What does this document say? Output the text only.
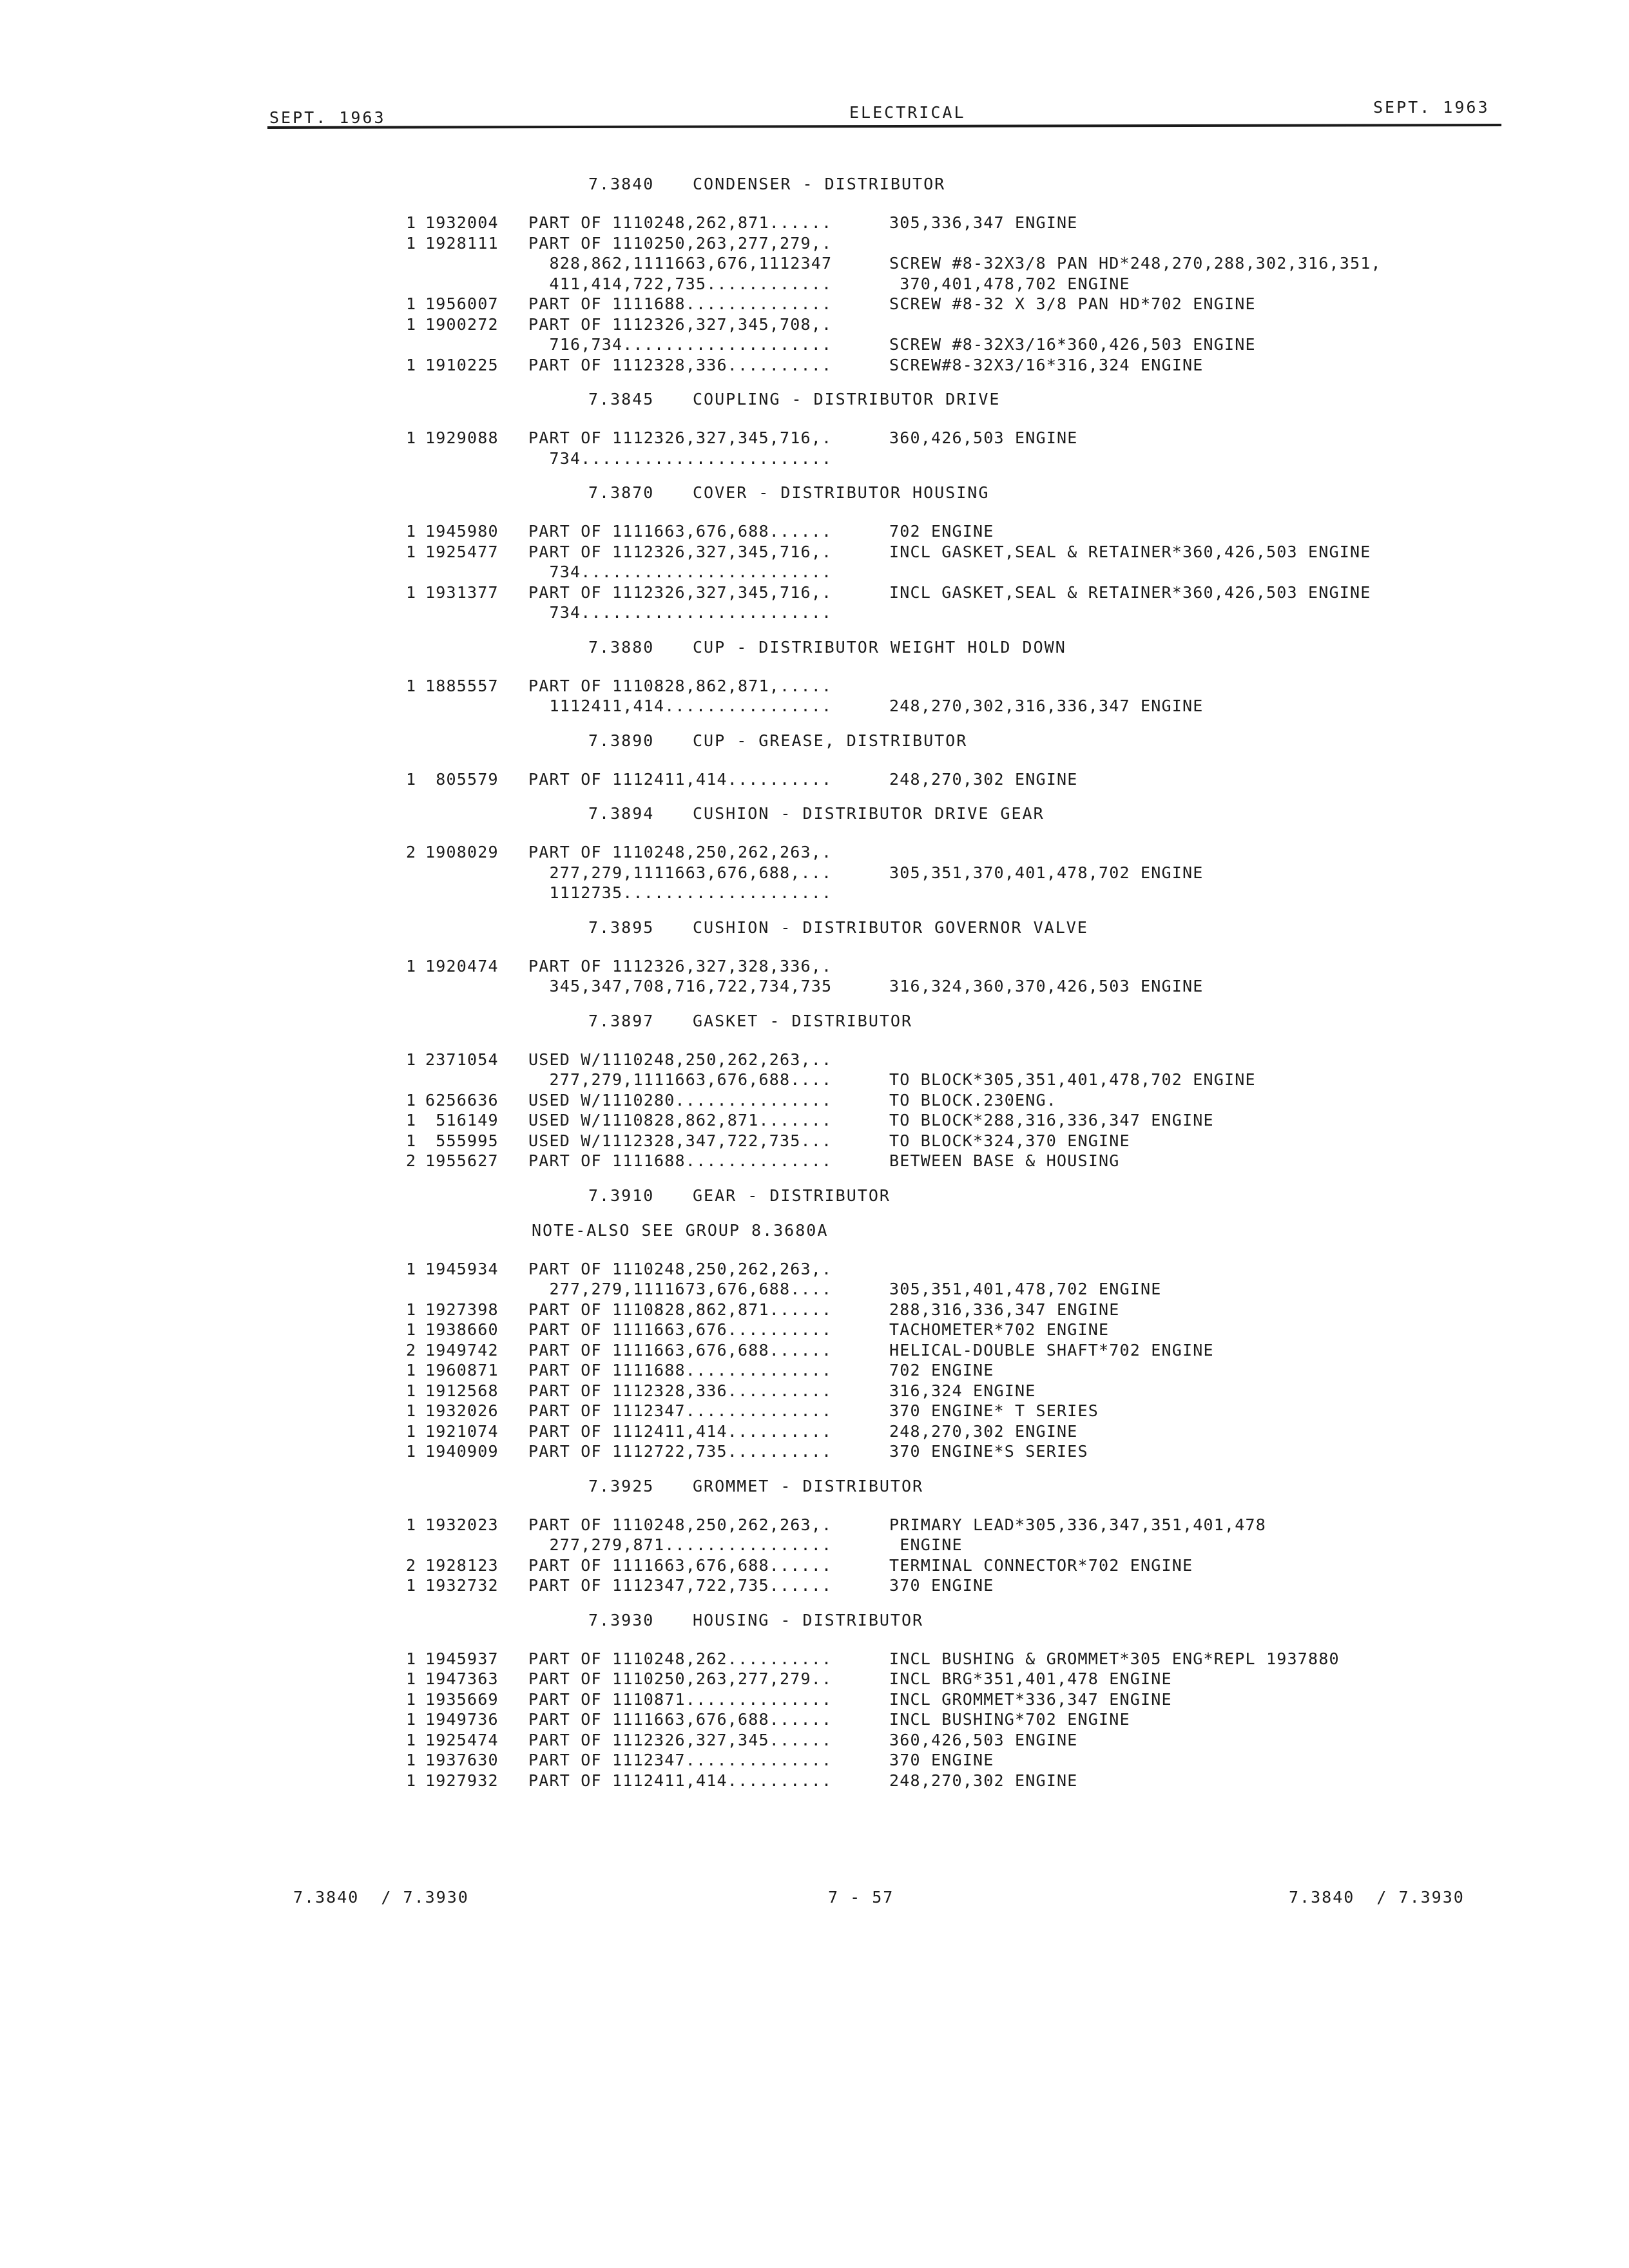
SEPT. 1963	ELECTRICAL	SEPT. 1963
7.3840 CONDENSER - DISTRIBUTOR
1 1932004 PART OF 1110248,262,871......	305,336,347 ENGINE
1 1928111 PART OF 1110250,263,277,279,.
828,862,1111663,676,1112347	SCREW #8-32X3/8 PAN HD*248,270,288,302,316,351,
411,414,722,735............	370,401,478,702 ENGINE
1 1956007 PART OF 1111688..............	SCREW #8-32 X 3/8 PAN HD*702 ENGINE
1 1900272 PART OF 1112326,327,345,708,.
716,734....................	SCREW #8-32X3/16*360,426,503 ENGINE
1 1910225 PART OF 1112328,336..........	SCREW#8-32X3/16*316,324 ENGINE
7.3845 COUPLING - DISTRIBUTOR DRIVE
1 1929088 PART OF 1112326,327,345,716,.	360,426,503 ENGINE
734........................
7.3870 COVER - DISTRIBUTOR HOUSING
1 1945980 PART OF 1111663,676,688......	702 ENGINE
1 1925477 PART OF 1112326,327,345,716,.	INCL GASKET,SEAL & RETAINER*360,426,503 ENGINE
734........................
1 1931377 PART OF 1112326,327,345,716,.	INCL GASKET,SEAL & RETAINER*360,426,503 ENGINE
734........................
7.3880 CUP - DISTRIBUTOR WEIGHT HOLD DOWN
1 1885557 PART OF 1110828,862,871,.....
1112411,414................	248,270,302,316,336,347 ENGINE
7.3890 CUP - GREASE, DISTRIBUTOR
1 805579 PART OF 1112411,414..........	248,270,302 ENGINE
7.3894 CUSHION - DISTRIBUTOR DRIVE GEAR
2 1908029 PART OF 1110248,250,262,263,.
277,279,1111663,676,688,...	305,351,370,401,478,702 ENGINE
1112735....................
7.3895 CUSHION - DISTRIBUTOR GOVERNOR VALVE
1 1920474 PART OF 1112326,327,328,336,.
345,347,708,716,722,734,735	316,324,360,370,426,503 ENGINE
7.3897 GASKET - DISTRIBUTOR
1 2371054 USED W/1110248,250,262,263,..
277,279,1111663,676,688....	TO BLOCK*305,351,401,478,702 ENGINE
1 6256636 USED W/1110280...............	TO BLOCK.230ENG.
1 516149 USED W/1110828,862,871.......	TO BLOCK*288,316,336,347 ENGINE
1 555995 USED W/1112328,347,722,735...	TO BLOCK*324,370 ENGINE
2 1955627 PART OF 1111688..............	BETWEEN BASE & HOUSING
7.3910 GEAR - DISTRIBUTOR
NOTE-ALSO SEE GROUP 8.3680A
1 1945934 PART OF 1110248,250,262,263,.
277,279,1111673,676,688....	305,351,401,478,702 ENGINE
1 1927398 PART OF 1110828,862,871......	288,316,336,347 ENGINE
1 1938660 PART OF 1111663,676..........	TACHOMETER*702 ENGINE
2 1949742 PART OF 1111663,676,688......	HELICAL-DOUBLE SHAFT*702 ENGINE
1 1960871 PART OF 1111688..............	702 ENGINE
1 1912568 PART OF 1112328,336..........	316,324 ENGINE
1 1932026 PART OF 1112347..............	370 ENGINE* T SERIES
1 1921074 PART OF 1112411,414..........	248,270,302 ENGINE
1 1940909 PART OF 1112722,735..........	370 ENGINE*S SERIES
7.3925 GROMMET - DISTRIBUTOR
1 1932023 PART OF 1110248,250,262,263,.	PRIMARY LEAD*305,336,347,351,401,478
277,279,871................	ENGINE
2 1928123 PART OF 1111663,676,688......	TERMINAL CONNECTOR*702 ENGINE
1 1932732 PART OF 1112347,722,735......	370 ENGINE
7.3930 HOUSING - DISTRIBUTOR
1 1945937 PART OF 1110248,262..........	INCL BUSHING & GROMMET*305 ENG*REPL 1937880
1 1947363 PART OF 1110250,263,277,279..	INCL BRG*351,401,478 ENGINE
1 1935669 PART OF 1110871..............	INCL GROMMET*336,347 ENGINE
1 1949736 PART OF 1111663,676,688......	INCL BUSHING*702 ENGINE
1 1925474 PART OF 1112326,327,345......	360,426,503 ENGINE
1 1937630 PART OF 1112347..............	370 ENGINE
1 1927932 PART OF 1112411,414..........	248,270,302 ENGINE
7.3840  / 7.3930	7 - 57	7.3840  / 7.3930
